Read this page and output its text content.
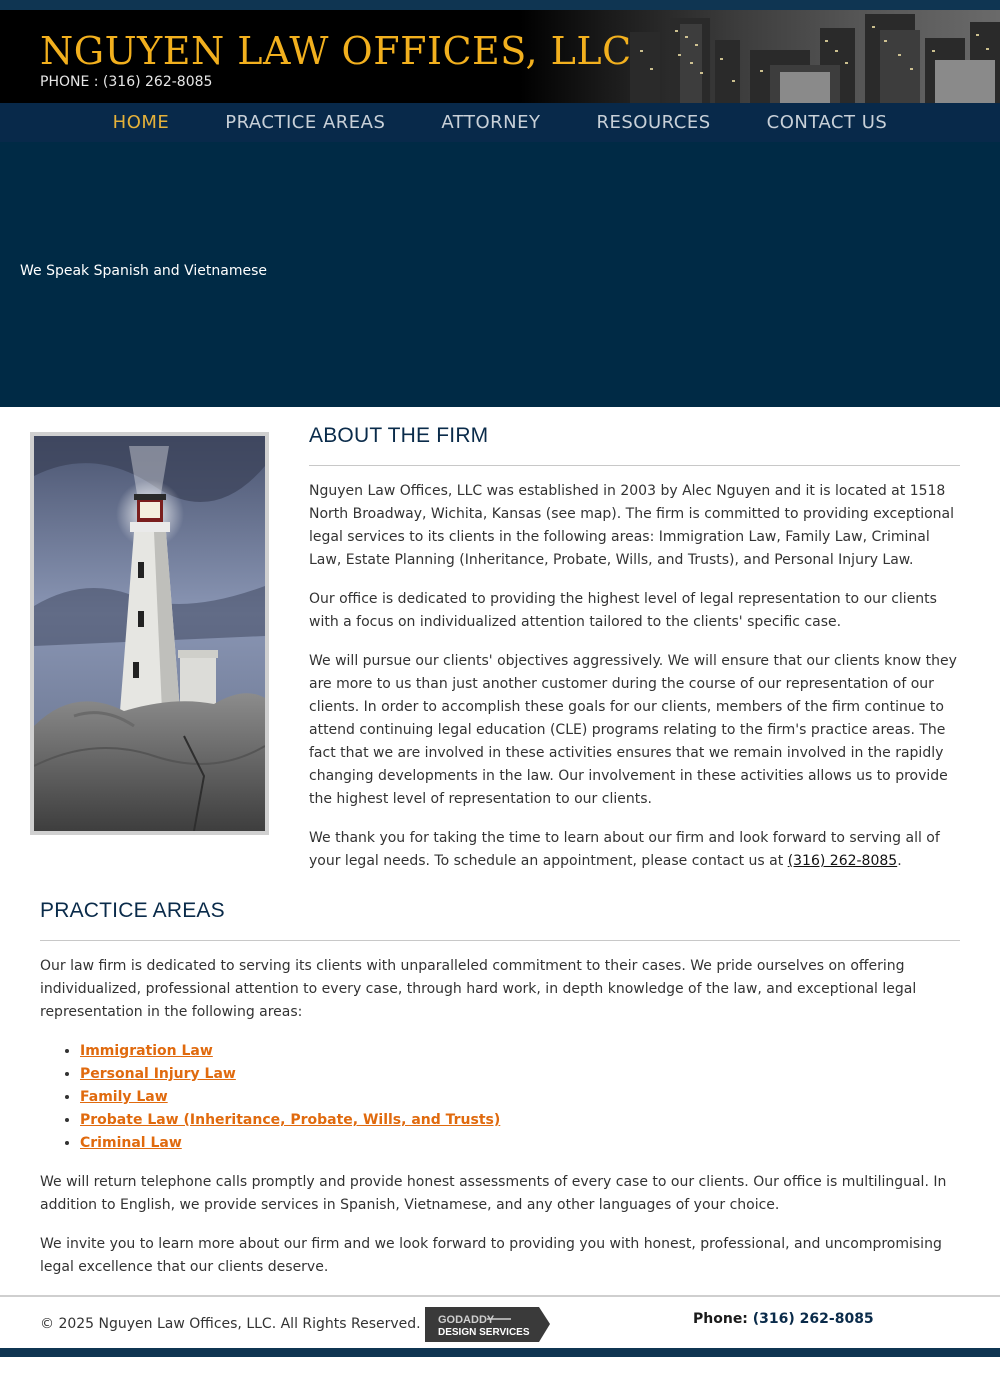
NGUYEN LAW OFFICES, LLC
PHONE : (316) 262-8085
HOME	PRACTICE AREAS	ATTORNEY	RESOURCES	CONTACT US
We Speak Spanish and Vietnamese
ABOUT THE FIRM

Nguyen Law Offices, LLC was established in 2003 by Alec Nguyen and it is located at 1518 North Broadway, Wichita, Kansas (see map). The firm is committed to providing exceptional legal services to its clients in the following areas: Immigration Law, Family Law, Criminal Law, Estate Planning (Inheritance, Probate, Wills, and Trusts), and Personal Injury Law.

Our office is dedicated to providing the highest level of legal representation to our clients with a focus on individualized attention tailored to the clients' specific case.

We will pursue our clients' objectives aggressively. We will ensure that our clients know they are more to us than just another customer during the course of our representation of our clients. In order to accomplish these goals for our clients, members of the firm continue to attend continuing legal education (CLE) programs relating to the firm's practice areas. The fact that we are involved in these activities ensures that we remain involved in the rapidly changing developments in the law. Our involvement in these activities allows us to provide the highest level of representation to our clients.

We thank you for taking the time to learn about our firm and look forward to serving all of your legal needs. To schedule an appointment, please contact us at (316) 262-8085.

PRACTICE AREAS

Our law firm is dedicated to serving its clients with unparalleled commitment to their cases. We pride ourselves on offering individualized, professional attention to every case, through hard work, in depth knowledge of the law, and exceptional legal representation in the following areas:

• Immigration Law
• Personal Injury Law
• Family Law
• Probate Law (Inheritance, Probate, Wills, and Trusts)
• Criminal Law

We will return telephone calls promptly and provide honest assessments of every case to our clients. Our office is multilingual. In addition to English, we provide services in Spanish, Vietnamese, and any other languages of your choice.

We invite you to learn more about our firm and we look forward to providing you with honest, professional, and uncompromising legal excellence that our clients deserve.

© 2025 Nguyen Law Offices, LLC. All Rights Reserved. GODADDY
DESIGN SERVICES
Phone: (316) 262-8085
